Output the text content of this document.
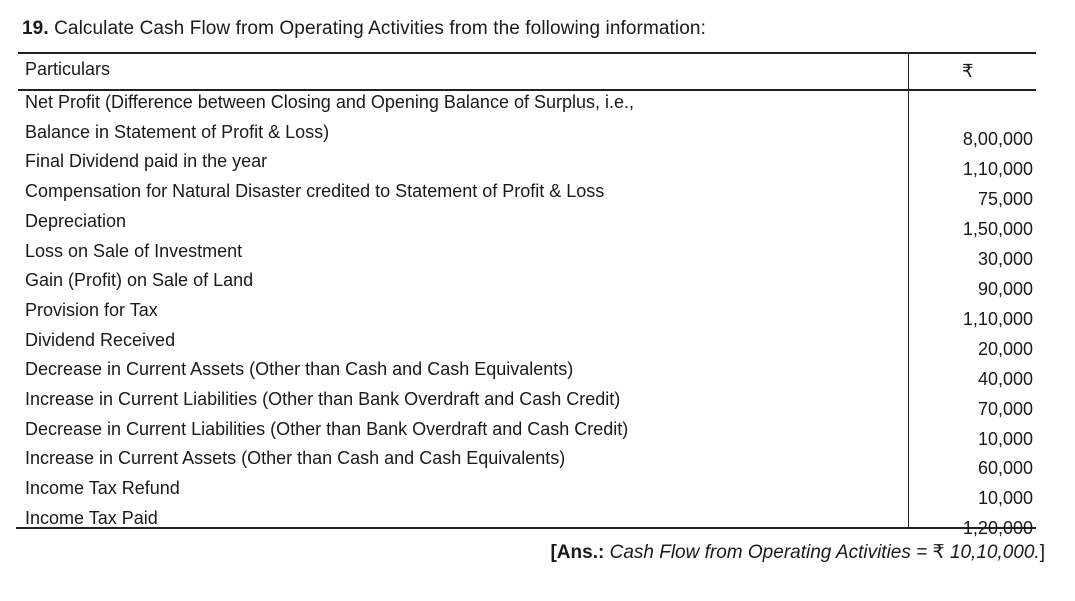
19. Calculate Cash Flow from Operating Activities from the following information:
Particulars	₹
Net Profit (Difference between Closing and Opening Balance of Surplus, i.e.,
Balance in Statement of Profit & Loss)
Final Dividend paid in the year
Compensation for Natural Disaster credited to Statement of Profit & Loss
Depreciation
Loss on Sale of Investment
Gain (Profit) on Sale of Land
Provision for Tax
Dividend Received
Decrease in Current Assets (Other than Cash and Cash Equivalents)
Increase in Current Liabilities (Other than Bank Overdraft and Cash Credit)
Decrease in Current Liabilities (Other than Bank Overdraft and Cash Credit)
Increase in Current Assets (Other than Cash and Cash Equivalents)
Income Tax Refund
Income Tax Paid
8,00,000
1,10,000
75,000
1,50,000
30,000
90,000
1,10,000
20,000
40,000
70,000
10,000
60,000
10,000
1,20,000
[Ans.: Cash Flow from Operating Activities = ₹ 10,10,000.]
